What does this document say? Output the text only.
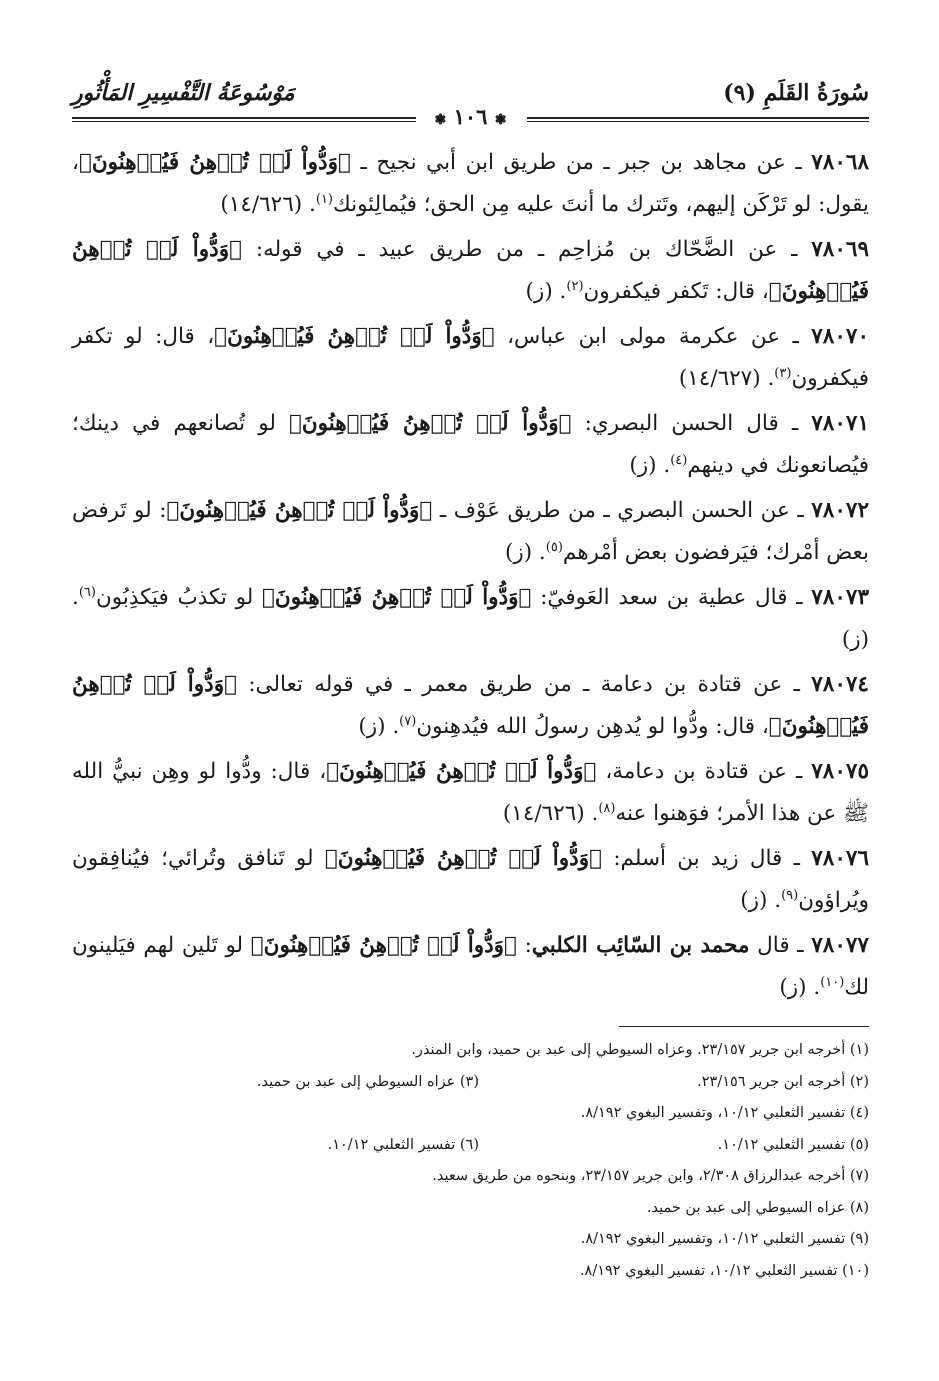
سُورَةُ القَلَمِ (٩)
مَوْسُوعَةُ التَّفْسِيرِ المَأْثُورِ
❃ ١٠٦ ❃

٧٨٠٦٨ ـ عن مجاهد بن جبر ـ من طريق ابن أبي نجيح ـ ﴿وَدُّواْ لَوۡ تُدۡهِنُ فَيُدۡهِنُونَ﴾، يقول: لو تَرْكَن إليهم، وتَترك ما أنتَ عليه مِن الحق؛ فيُمالِئونك$^{(١)}$. (١٤/٦٢٦)

٧٨٠٦٩ ـ عن الضَّحّاك بن مُزاحِم ـ من طريق عبيد ـ في قوله: ﴿وَدُّواْ لَوۡ تُدۡهِنُ فَيُدۡهِنُونَ﴾، قال: تَكفر فيكفرون$^{(٢)}$. (ز)

٧٨٠٧٠ ـ عن عكرمة مولى ابن عباس، ﴿وَدُّواْ لَوۡ تُدۡهِنُ فَيُدۡهِنُونَ﴾، قال: لو تكفر فيكفرون$^{(٣)}$. (١٤/٦٢٧)

٧٨٠٧١ ـ قال الحسن البصري: ﴿وَدُّواْ لَوۡ تُدۡهِنُ فَيُدۡهِنُونَ﴾ لو تُصانعهم في دينك؛ فيُصانعونك في دينهم$^{(٤)}$. (ز)

٧٨٠٧٢ ـ عن الحسن البصري ـ من طريق عَوْف ـ ﴿وَدُّواْ لَوۡ تُدۡهِنُ فَيُدۡهِنُونَ﴾: لو تَرفض بعض أمْرك؛ فيَرفضون بعض أمْرهم$^{(٥)}$. (ز)

٧٨٠٧٣ ـ قال عطية بن سعد العَوفيّ: ﴿وَدُّواْ لَوۡ تُدۡهِنُ فَيُدۡهِنُونَ﴾ لو تكذبُ فيَكذِبُون$^{(٦)}$. (ز)

٧٨٠٧٤ ـ عن قتادة بن دعامة ـ من طريق معمر ـ في قوله تعالى: ﴿وَدُّواْ لَوۡ تُدۡهِنُ فَيُدۡهِنُونَ﴾، قال: ودُّوا لو يُدهِن رسولُ الله فيُدهِنون$^{(٧)}$. (ز)

٧٨٠٧٥ ـ عن قتادة بن دعامة، ﴿وَدُّواْ لَوۡ تُدۡهِنُ فَيُدۡهِنُونَ﴾، قال: ودُّوا لو وهِن نبيُّ الله ﷺ عن هذا الأمر؛ فوَهنوا عنه$^{(٨)}$. (١٤/٦٢٦)

٧٨٠٧٦ ـ قال زيد بن أسلم: ﴿وَدُّواْ لَوۡ تُدۡهِنُ فَيُدۡهِنُونَ﴾ لو تَنافق وتُرائي؛ فيُنافِقون ويُراؤون$^{(٩)}$. (ز)

٧٨٠٧٧ ـ قال محمد بن السّائِب الكلبي: ﴿وَدُّواْ لَوۡ تُدۡهِنُ فَيُدۡهِنُونَ﴾ لو تَلين لهم فيَلينون لك$^{(١٠)}$. (ز)

(١) أخرجه ابن جرير ٢٣/١٥٧. وعزاه السيوطي إلى عبد بن حميد، وابن المنذر.
(٢) أخرجه ابن جرير ٢٣/١٥٦.
(٣) عزاه السيوطي إلى عبد بن حميد.
(٤) تفسير الثعلبي ١٠/١٢، وتفسير البغوي ٨/١٩٢.
(٥) تفسير الثعلبي ١٠/١٢.
(٦) تفسير الثعلبي ١٠/١٢.
(٧) أخرجه عبدالرزاق ٢/٣٠٨، وابن جرير ٢٣/١٥٧، وبنحوه من طريق سعيد.
(٨) عزاه السيوطي إلى عبد بن حميد.
(٩) تفسير الثعلبي ١٠/١٢، وتفسير البغوي ٨/١٩٢.
(١٠) تفسير الثعلبي ١٠/١٢، تفسير البغوي ٨/١٩٢.
